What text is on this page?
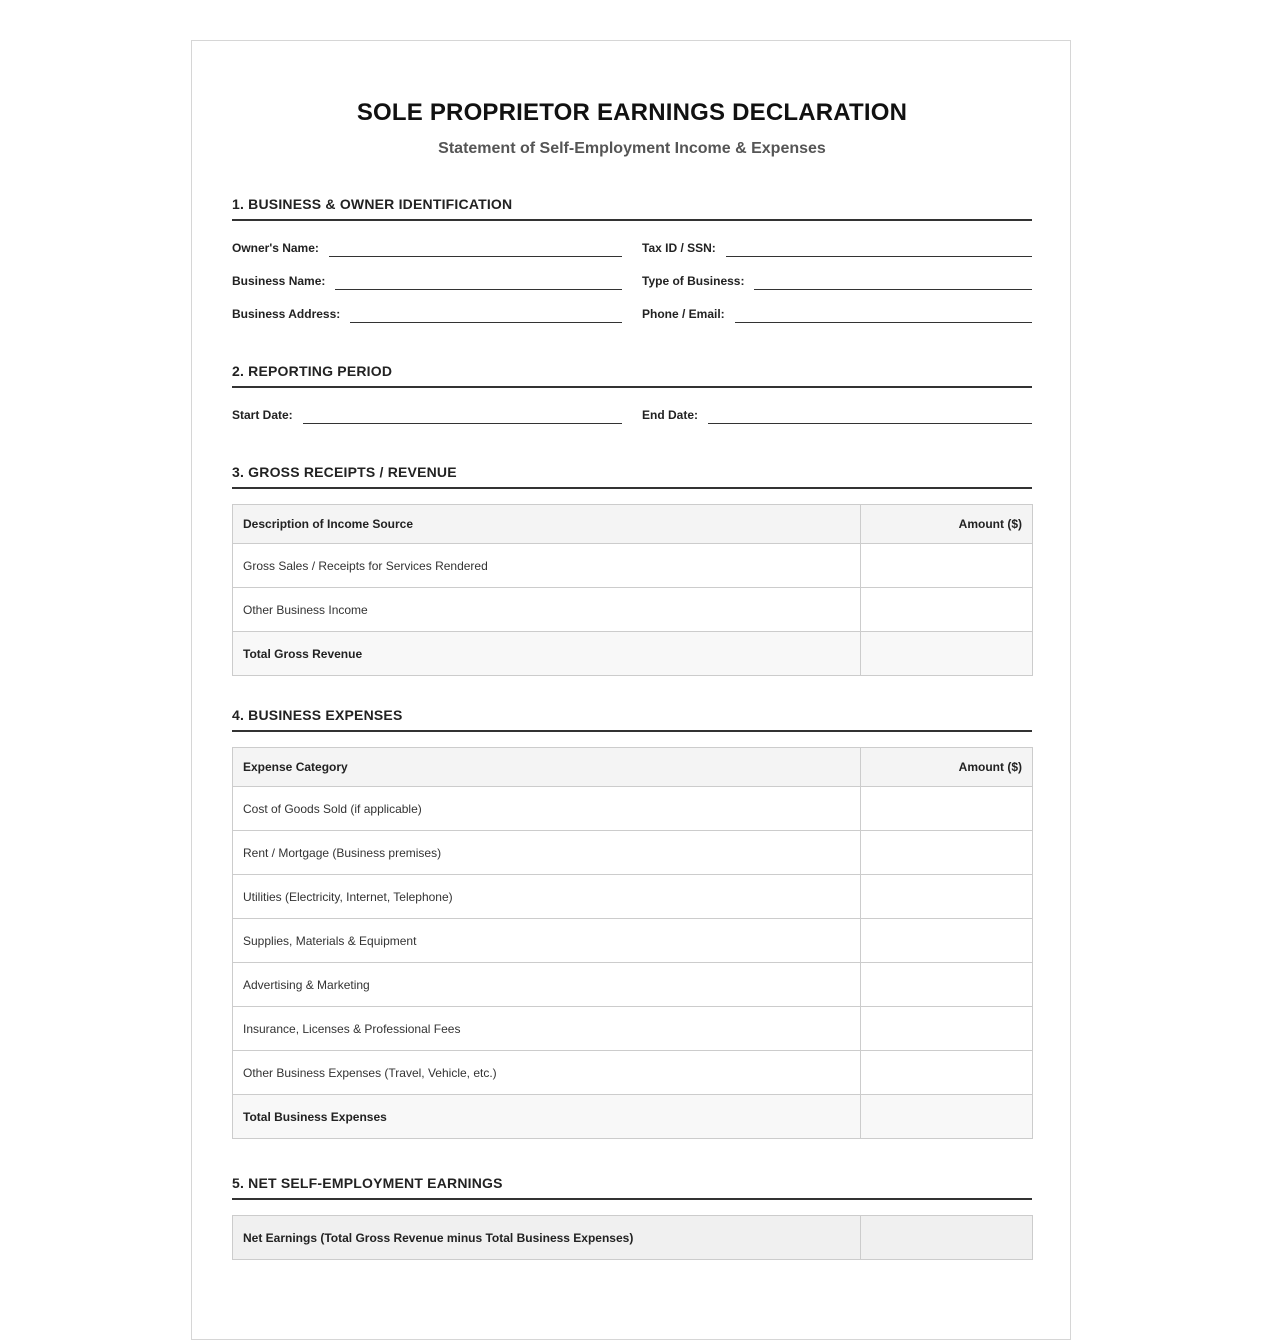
SOLE PROPRIETOR EARNINGS DECLARATION
Statement of Self-Employment Income & Expenses
1. BUSINESS & OWNER IDENTIFICATION
Owner's Name:	Tax ID / SSN:
Business Name:	Type of Business:
Business Address:	Phone / Email:
2. REPORTING PERIOD
Start Date:	End Date:
3. GROSS RECEIPTS / REVENUE
Description of Income Source	Amount ($)
Gross Sales / Receipts for Services Rendered	
Other Business Income	
Total Gross Revenue	
4. BUSINESS EXPENSES
Expense Category	Amount ($)
Cost of Goods Sold (if applicable)	
Rent / Mortgage (Business premises)	
Utilities (Electricity, Internet, Telephone)	
Supplies, Materials & Equipment	
Advertising & Marketing	
Insurance, Licenses & Professional Fees	
Other Business Expenses (Travel, Vehicle, etc.)	
Total Business Expenses	
5. NET SELF-EMPLOYMENT EARNINGS
Net Earnings (Total Gross Revenue minus Total Business Expenses)	
